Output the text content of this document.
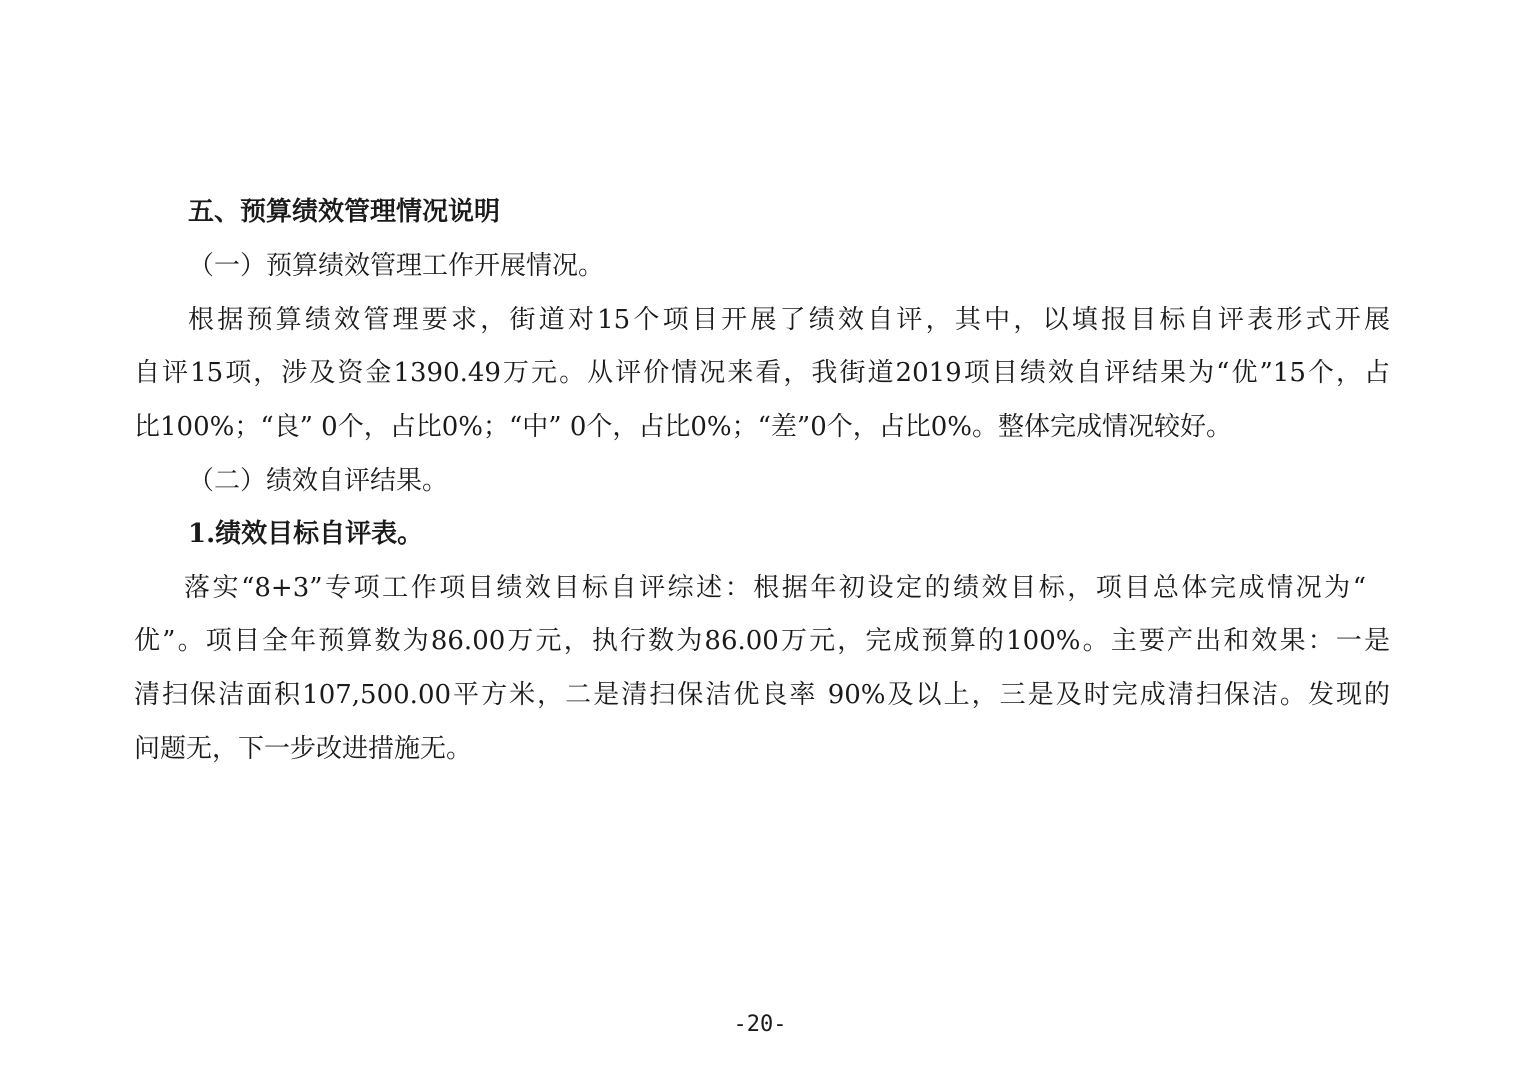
五、预算绩效管理情况说明
（一）预算绩效管理工作开展情况。
根据预算绩效管理要求，街道对15个项目开展了绩效自评，其中，以填报目标自评表形式开展
自评15项，涉及资金1390.49万元。从评价情况来看，我街道2019项目绩效自评结果为“优”15个，占
比100%；“良” 0个，占比0%；“中” 0个，占比0%；“差”0个，占比0%。整体完成情况较好。
（二）绩效自评结果。
1.绩效目标自评表。
落实“8+3”专项工作项目绩效目标自评综述：根据年初设定的绩效目标，项目总体完成情况为“
优”。项目全年预算数为86.00万元，执行数为86.00万元，完成预算的100%。主要产出和效果：一是
清扫保洁面积107,500.00平方米，二是清扫保洁优良率 90%及以上，三是及时完成清扫保洁。发现的
问题无，下一步改进措施无。
-20-
